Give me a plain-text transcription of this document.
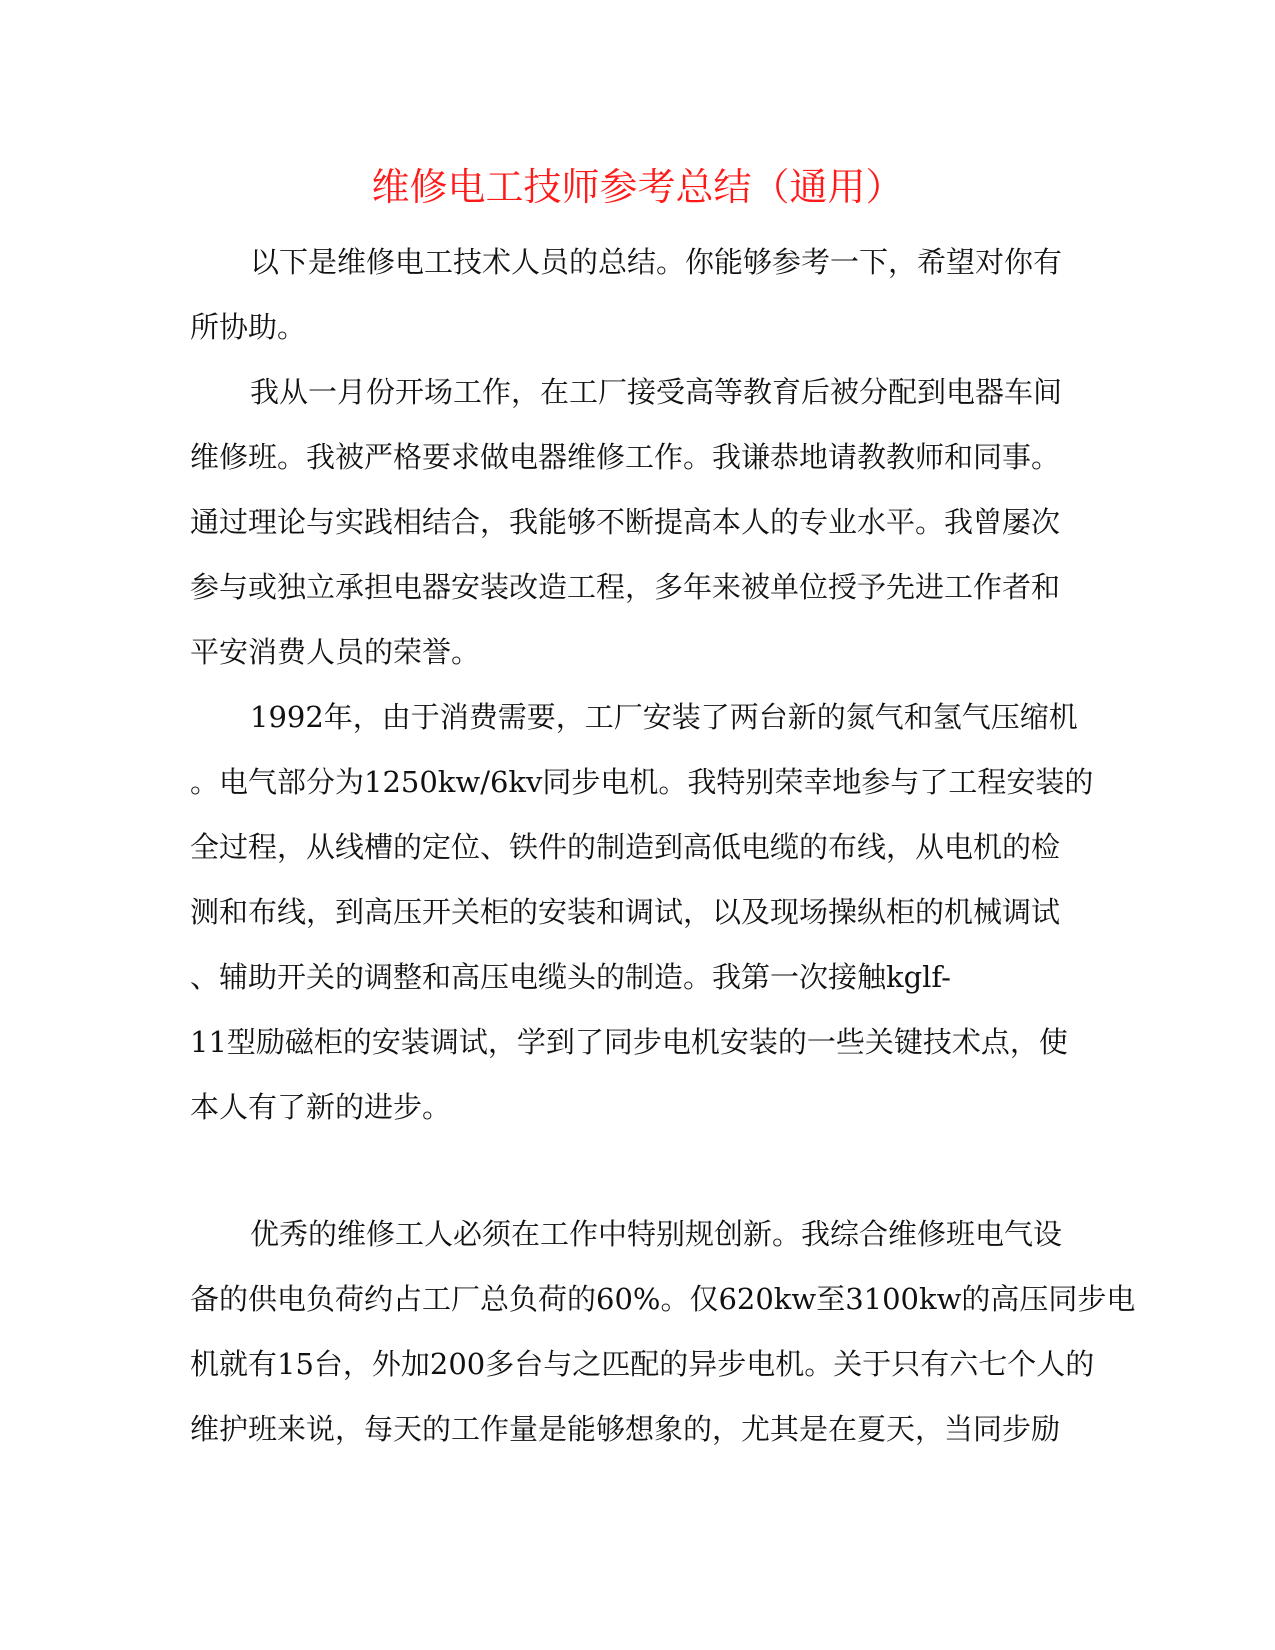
维修电工技师参考总结（通用）

以下是维修电工技术人员的总结。你能够参考一下，希望对你有
所协助。

我从一月份开场工作，在工厂接受高等教育后被分配到电器车间
维修班。我被严格要求做电器维修工作。我谦恭地请教教师和同事。
通过理论与实践相结合，我能够不断提高本人的专业水平。我曾屡次
参与或独立承担电器安装改造工程，多年来被单位授予先进工作者和
平安消费人员的荣誉。

1992年，由于消费需要，工厂安装了两台新的氮气和氢气压缩机
。电气部分为1250kw/6kv同步电机。我特别荣幸地参与了工程安装的
全过程，从线槽的定位、铁件的制造到高低电缆的布线，从电机的检
测和布线，到高压开关柜的安装和调试，以及现场操纵柜的机械调试
、辅助开关的调整和高压电缆头的制造。我第一次接触kglf-
11型励磁柜的安装调试，学到了同步电机安装的一些关键技术点，使
本人有了新的进步。

优秀的维修工人必须在工作中特别规创新。我综合维修班电气设
备的供电负荷约占工厂总负荷的60%。仅620kw至3100kw的高压同步电
机就有15台，外加200多台与之匹配的异步电机。关于只有六七个人的
维护班来说，每天的工作量是能够想象的，尤其是在夏天，当同步励
